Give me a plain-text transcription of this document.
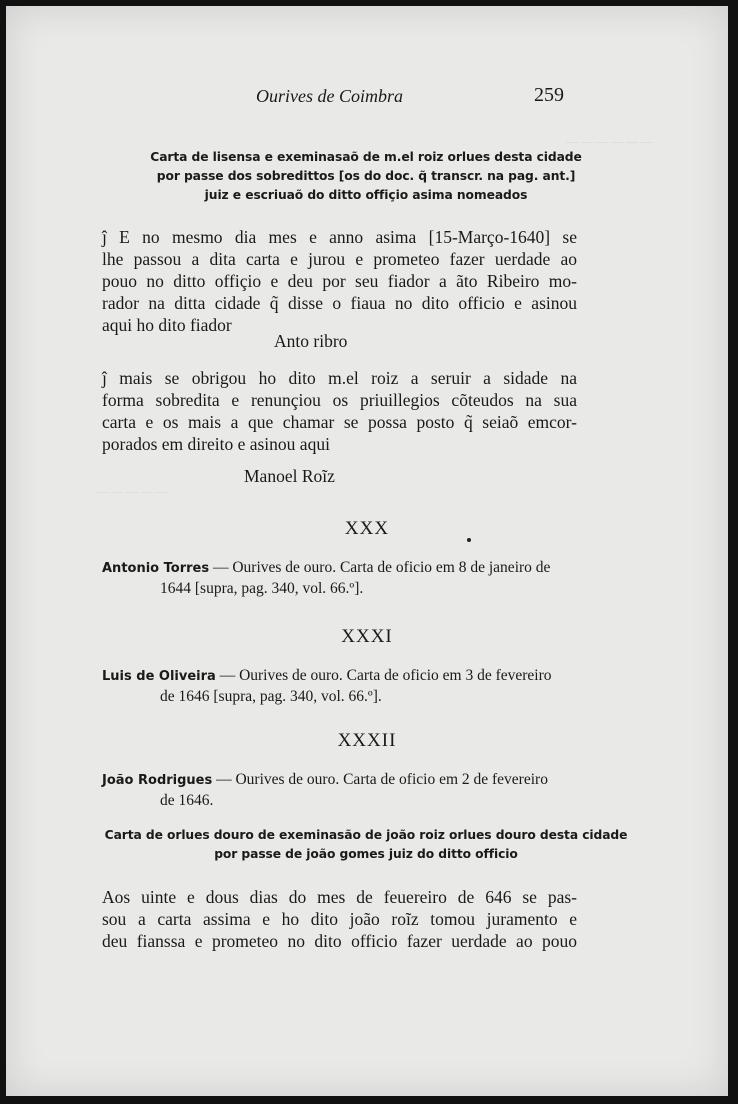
— — — — — —
— — — — —
Ourives de Coimbra	259
Carta de lisensa e exeminasaõ de m.el roiz orlues desta cidade
por passe dos sobredittos [os do doc. q̃ transcr. na pag. ant.]
juiz e escriuaõ do ditto offiçio asima nomeados
ĵ E no mesmo dia mes e anno asima [15-Março-1640] se
lhe passou a dita carta e jurou e prometeo fazer uerdade ao
pouo no ditto offiçio e deu por seu fiador a ãto Ribeiro mo-
rador na ditta cidade q̃ disse o fiaua no dito officio e asinou
aqui ho dito fiador
Anto ribro
ĵ mais se obrigou ho dito m.el roiz a seruir a sidade na
forma sobredita e renunçiou os priuillegios cõteudos na sua
carta e os mais a que chamar se possa posto q̃ seiaõ emcor-
porados em direito e asinou aqui
Manoel Roĩz
XXX
Antonio Torres — Ourives de ouro. Carta de oficio em 8 de janeiro de
1644 [supra, pag. 340, vol. 66.º].
XXXI
Luis de Oliveira — Ourives de ouro. Carta de oficio em 3 de fevereiro
de 1646 [supra, pag. 340, vol. 66.º].
XXXII
João Rodrigues — Ourives de ouro. Carta de oficio em 2 de fevereiro
de 1646.
Carta de orlues douro de exeminasão de joão roiz orlues douro desta cidade
por passe de joão gomes juiz do ditto officio
Aos uinte e dous dias do mes de feuereiro de 646 se pas-
sou a carta assima e ho dito joão roĩz tomou juramento e
deu fianssa e prometeo no dito officio fazer uerdade ao pouo
